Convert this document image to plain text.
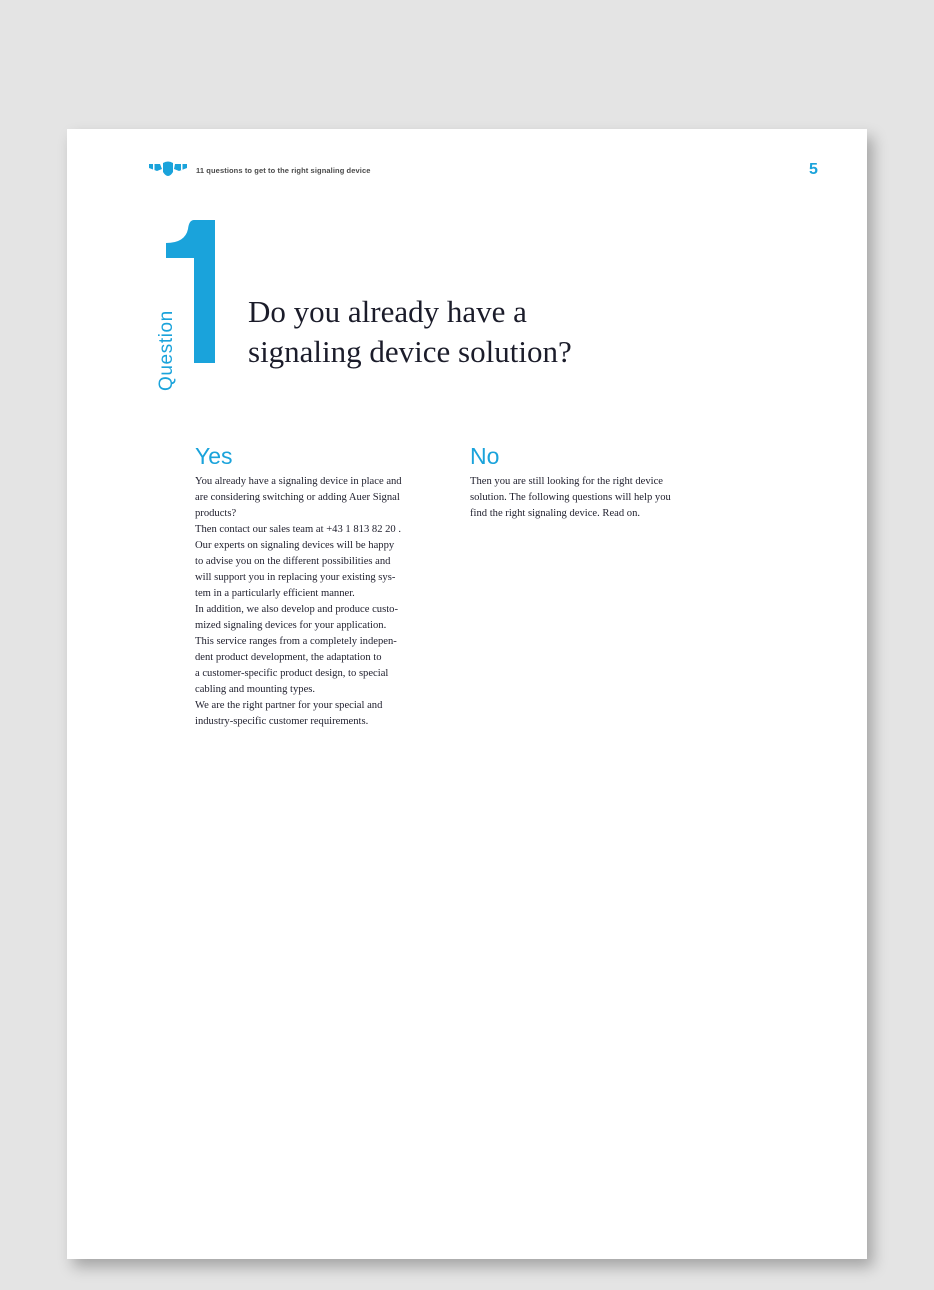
11 questions to get to the right signaling device	5
Question Do you already have a
signaling device solution?
Yes

You already have a signaling device in place and
are considering switching or adding Auer Signal
products?
Then contact our sales team at +43 1 813 82 20 .
Our experts on signaling devices will be happy
to advise you on the different possibilities and
will support you in replacing your existing sys-
tem in a particularly efficient manner.
In addition, we also develop and produce custo-
mized signaling devices for your application.
This service ranges from a completely indepen-
dent product development, the adaptation to
a customer-specific product design, to special
cabling and mounting types.
We are the right partner for your special and
industry-specific customer requirements.

No

Then you are still looking for the right device
solution. The following questions will help you
find the right signaling device. Read on.
